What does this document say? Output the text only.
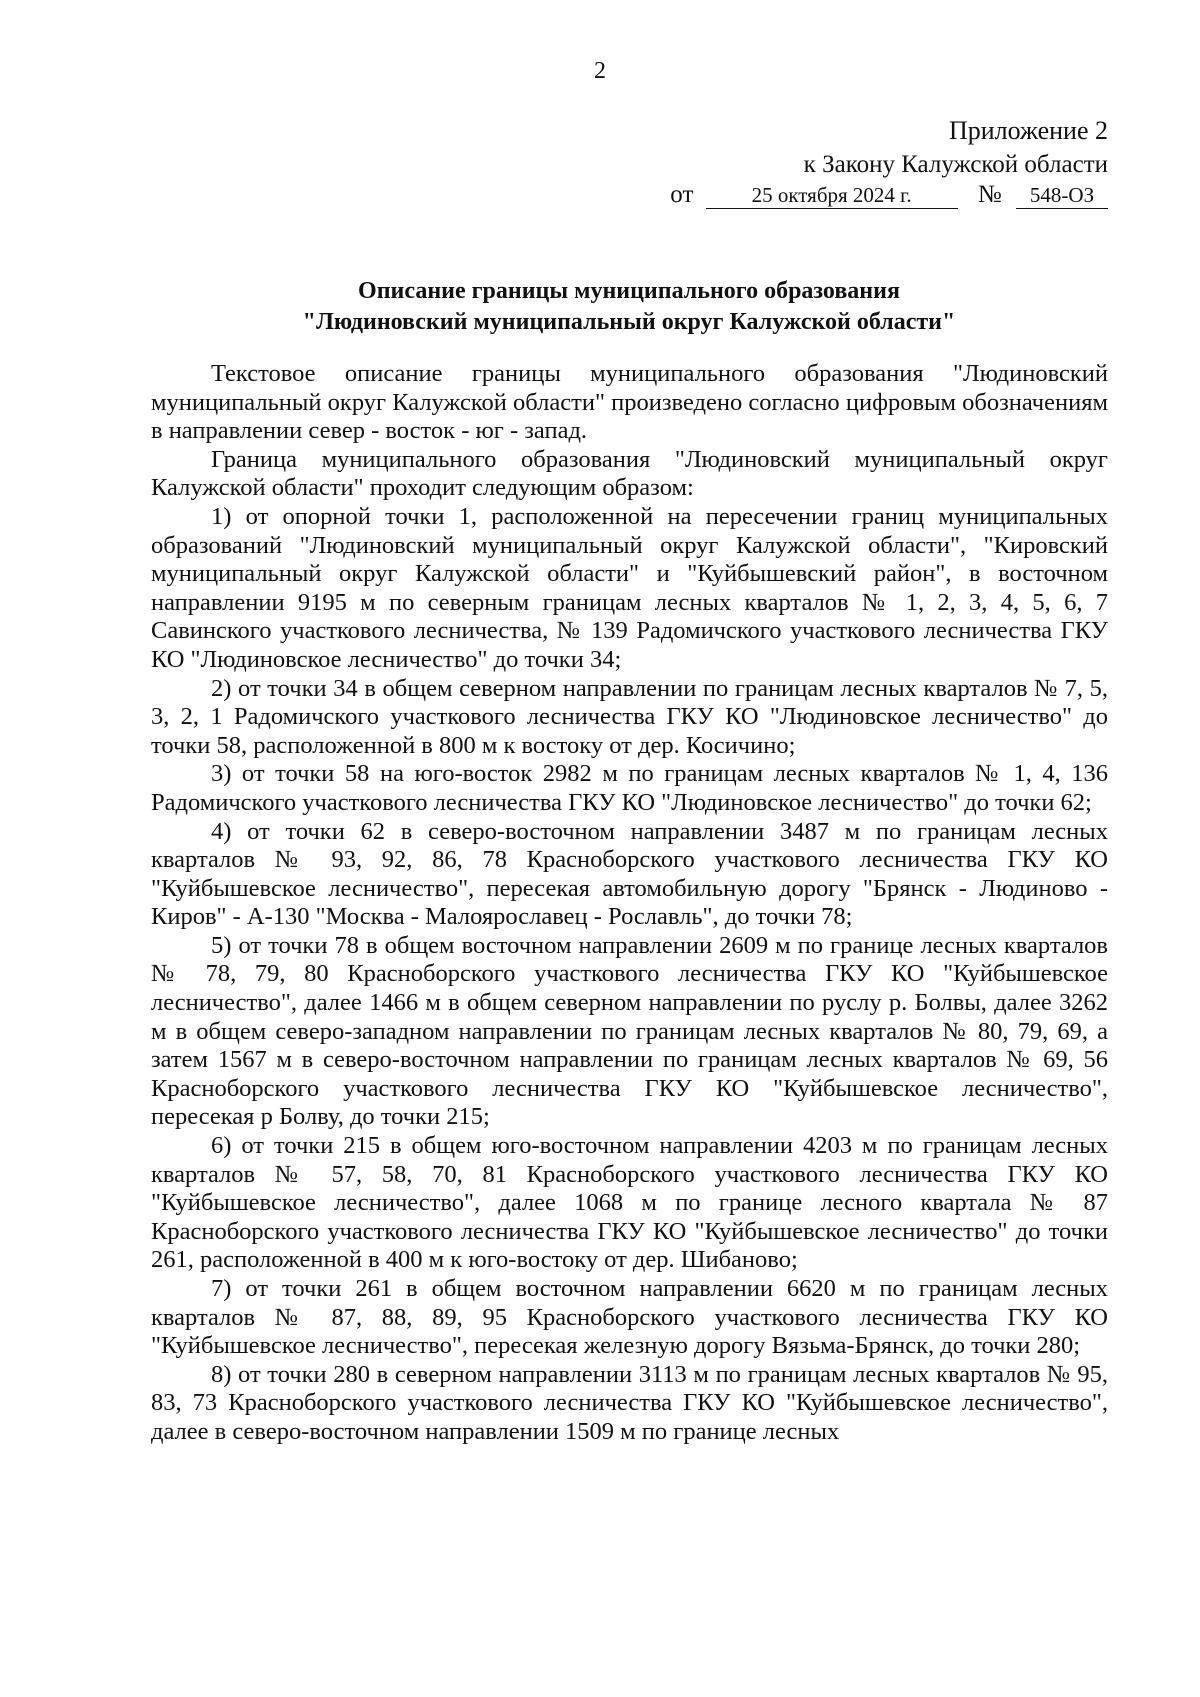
2
Приложение 2
к Закону Калужской области
от	25 октября 2024 г.	№ 548-ОЗ
Описание границы муниципального образования
"Людиновский муниципальный округ Калужской области"

Текстовое описание границы муниципального образования "Людиновский муниципальный округ Калужской области" произведено согласно цифровым обозначениям в направлении север - восток - юг - запад.

Граница муниципального образования "Людиновский муниципальный округ Калужской области" проходит следующим образом:

1) от опорной точки 1, расположенной на пересечении границ муниципальных образований "Людиновский муниципальный округ Калужской области", "Кировский муниципальный округ Калужской области" и "Куйбышевский район", в восточном направлении 9195 м по северным границам лесных кварталов № 1, 2, 3, 4, 5, 6, 7 Савинского участкового лесничества, № 139 Радомичского участкового лесничества ГКУ КО "Людиновское лесничество" до точки 34;

2) от точки 34 в общем северном направлении по границам лесных кварталов № 7, 5, 3, 2, 1 Радомичского участкового лесничества ГКУ КО "Людиновское лесничество" до точки 58, расположенной в 800 м к востоку от дер. Косичино;

3) от точки 58 на юго-восток 2982 м по границам лесных кварталов № 1, 4, 136 Радомичского участкового лесничества ГКУ КО "Людиновское лесничество" до точки 62;

4) от точки 62 в северо-восточном направлении 3487 м по границам лесных кварталов № 93, 92, 86, 78 Красноборского участкового лесничества ГКУ КО "Куйбышевское лесничество", пересекая автомобильную дорогу "Брянск - Людиново - Киров" - А-130 "Москва - Малоярославец - Рославль", до точки 78;

5) от точки 78 в общем восточном направлении 2609 м по границе лесных кварталов № 78, 79, 80 Красноборского участкового лесничества ГКУ КО "Куйбышевское лесничество", далее 1466 м в общем северном направлении по руслу р. Болвы, далее 3262 м в общем северо-западном направлении по границам лесных кварталов № 80, 79, 69, а затем 1567 м в северо-восточном направлении по границам лесных кварталов № 69, 56 Красноборского участкового лесничества ГКУ КО "Куйбышевское лесничество", пересекая р Болву, до точки 215;

6) от точки 215 в общем юго-восточном направлении 4203 м по границам лесных кварталов № 57, 58, 70, 81 Красноборского участкового лесничества ГКУ КО "Куйбышевское лесничество", далее 1068 м по границе лесного квартала № 87 Красноборского участкового лесничества ГКУ КО "Куйбышевское лесничество" до точки 261, расположенной в 400 м к юго-востоку от дер. Шибаново;

7) от точки 261 в общем восточном направлении 6620 м по границам лесных кварталов № 87, 88, 89, 95 Красноборского участкового лесничества ГКУ КО "Куйбышевское лесничество", пересекая железную дорогу Вязьма-Брянск, до точки 280;

8) от точки 280 в северном направлении 3113 м по границам лесных кварталов № 95, 83, 73 Красноборского участкового лесничества ГКУ КО "Куйбышевское лесничество", далее в северо-восточном направлении 1509 м по границе лесных
